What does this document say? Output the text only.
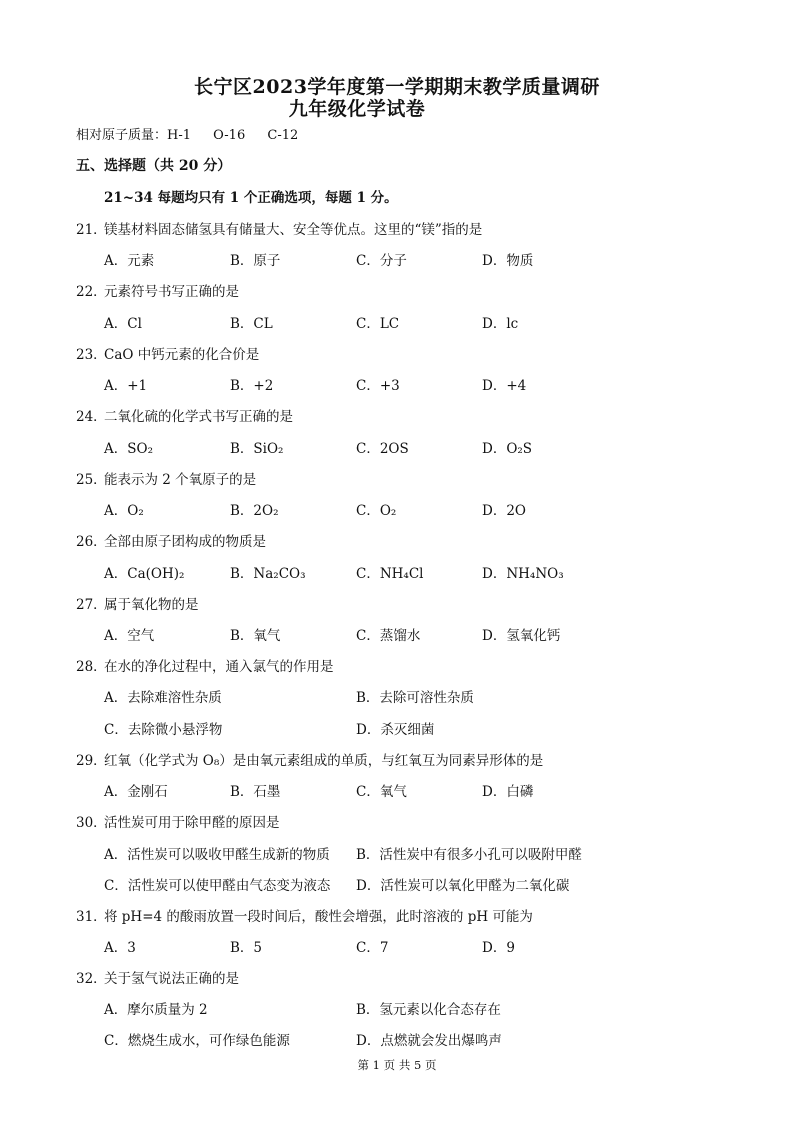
长宁区2023学年度第一学期期末教学质量调研
九年级化学试卷
相对原子质量：H-1 O-16 C-12
五、选择题（共 20 分）
21~34 每题均只有 1 个正确选项，每题 1 分。
21．镁基材料固态储氢具有储量大、安全等优点。这里的“镁”指的是
A．元素	B．原子	C．分子	D．物质
22．元素符号书写正确的是
A．Cl	B．CL	C．LC	D．lc
23．CaO 中钙元素的化合价是
A．+1	B．+2	C．+3	D．+4
24．二氧化硫的化学式书写正确的是
A．SO₂	B．SiO₂	C．2OS	D．O₂S
25．能表示为 2 个氧原子的是
A．O₂	B．2O₂	C．O₂	D．2O
26．全部由原子团构成的物质是
A．Ca(OH)₂	B．Na₂CO₃	C．NH₄Cl	D．NH₄NO₃
27．属于氧化物的是
A．空气	B．氧气	C．蒸馏水	D．氢氧化钙
28．在水的净化过程中，通入氯气的作用是
A．去除难溶性杂质	B．去除可溶性杂质
C．去除微小悬浮物	D．杀灭细菌
29．红氧（化学式为 O₈）是由氧元素组成的单质，与红氧互为同素异形体的是
A．金刚石	B．石墨	C．氧气	D．白磷
30．活性炭可用于除甲醛的原因是
A．活性炭可以吸收甲醛生成新的物质 B．活性炭中有很多小孔可以吸附甲醛
C．活性炭可以使甲醛由气态变为液态 D．活性炭可以氧化甲醛为二氧化碳
31．将 pH=4 的酸雨放置一段时间后，酸性会增强，此时溶液的 pH 可能为
A．3	B．5	C．7	D．9
32．关于氢气说法正确的是
A．摩尔质量为 2	B．氢元素以化合态存在
C．燃烧生成水，可作绿色能源	D．点燃就会发出爆鸣声
第 1 页 共 5 页
